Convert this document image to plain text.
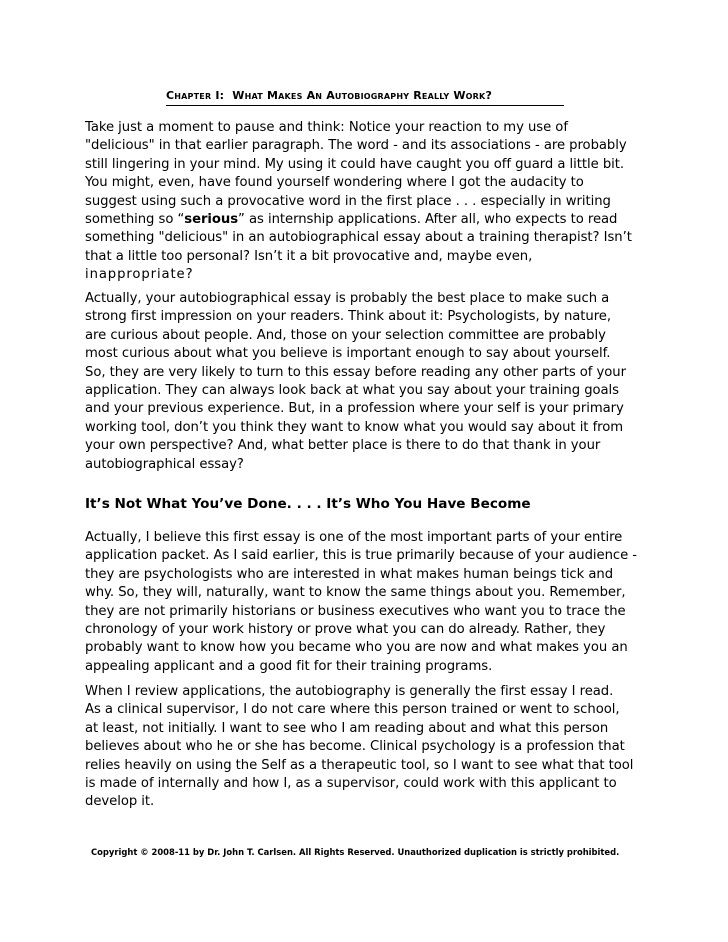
Chapter I: What Makes An Autobiography Really Work?
Take just a moment to pause and think: Notice your reaction to my use of
"delicious" in that earlier paragraph. The word - and its associations - are probably
still lingering in your mind. My using it could have caught you off guard a little bit.
You might, even, have found yourself wondering where I got the audacity to
suggest using such a provocative word in the first place . . . especially in writing
something so “serious” as internship applications. After all, who expects to read
something "delicious" in an autobiographical essay about a training therapist? Isn’t
that a little too personal? Isn’t it a bit provocative and, maybe even,
inappropriate?
Actually, your autobiographical essay is probably the best place to make such a
strong first impression on your readers. Think about it: Psychologists, by nature,
are curious about people. And, those on your selection committee are probably
most curious about what you believe is important enough to say about yourself.
So, they are very likely to turn to this essay before reading any other parts of your
application. They can always look back at what you say about your training goals
and your previous experience. But, in a profession where your self is your primary
working tool, don’t you think they want to know what you would say about it from
your own perspective? And, what better place is there to do that thank in your
autobiographical essay?
It’s Not What You’ve Done. . . . It’s Who You Have Become
Actually, I believe this first essay is one of the most important parts of your entire
application packet. As I said earlier, this is true primarily because of your audience -
they are psychologists who are interested in what makes human beings tick and
why. So, they will, naturally, want to know the same things about you. Remember,
they are not primarily historians or business executives who want you to trace the
chronology of your work history or prove what you can do already. Rather, they
probably want to know how you became who you are now and what makes you an
appealing applicant and a good fit for their training programs.
When I review applications, the autobiography is generally the first essay I read.
As a clinical supervisor, I do not care where this person trained or went to school,
at least, not initially. I want to see who I am reading about and what this person
believes about who he or she has become. Clinical psychology is a profession that
relies heavily on using the Self as a therapeutic tool, so I want to see what that tool
is made of internally and how I, as a supervisor, could work with this applicant to
develop it.
Copyright © 2008-11 by Dr. John T. Carlsen. All Rights Reserved. Unauthorized duplication is strictly prohibited.
